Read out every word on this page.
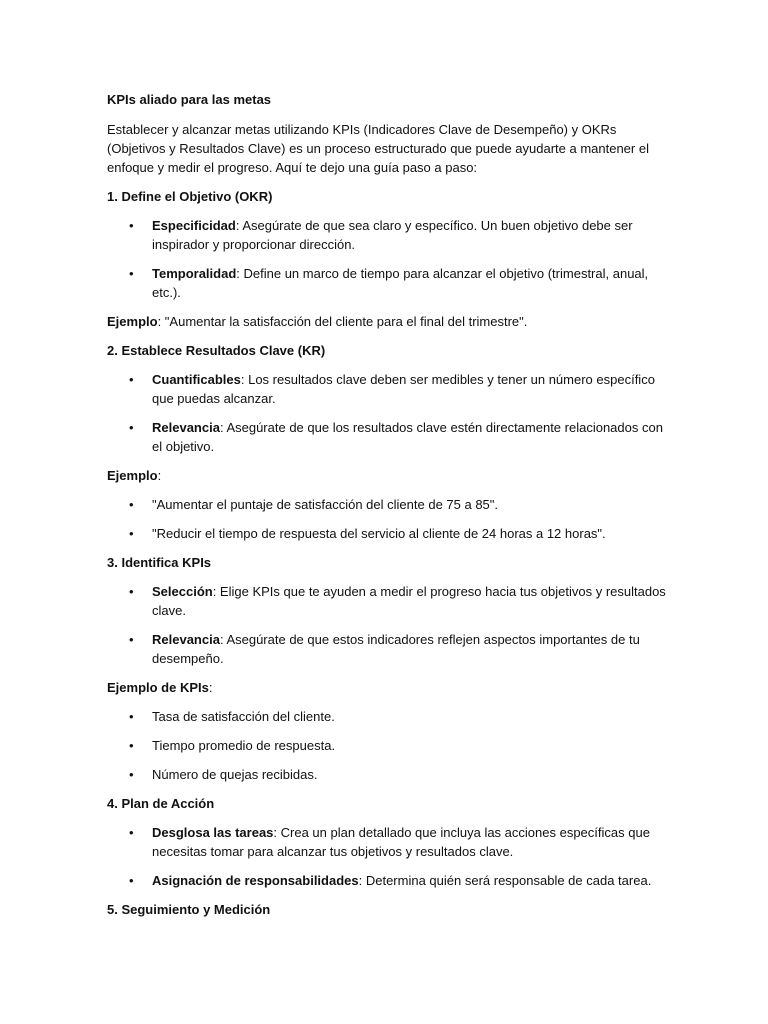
KPIs aliado para las metas

Establecer y alcanzar metas utilizando KPIs (Indicadores Clave de Desempeño) y OKRs (Objetivos y Resultados Clave) es un proceso estructurado que puede ayudarte a mantener el enfoque y medir el progreso. Aquí te dejo una guía paso a paso:

1. Define el Objetivo (OKR)

• Especificidad: Asegúrate de que sea claro y específico. Un buen objetivo debe ser inspirador y proporcionar dirección.
• Temporalidad: Define un marco de tiempo para alcanzar el objetivo (trimestral, anual, etc.).

Ejemplo: "Aumentar la satisfacción del cliente para el final del trimestre".

2. Establece Resultados Clave (KR)

• Cuantificables: Los resultados clave deben ser medibles y tener un número específico que puedas alcanzar.
• Relevancia: Asegúrate de que los resultados clave estén directamente relacionados con el objetivo.

Ejemplo:

• "Aumentar el puntaje de satisfacción del cliente de 75 a 85".
• "Reducir el tiempo de respuesta del servicio al cliente de 24 horas a 12 horas".

3. Identifica KPIs

• Selección: Elige KPIs que te ayuden a medir el progreso hacia tus objetivos y resultados clave.
• Relevancia: Asegúrate de que estos indicadores reflejen aspectos importantes de tu desempeño.

Ejemplo de KPIs:

• Tasa de satisfacción del cliente.
• Tiempo promedio de respuesta.
• Número de quejas recibidas.

4. Plan de Acción

• Desglosa las tareas: Crea un plan detallado que incluya las acciones específicas que necesitas tomar para alcanzar tus objetivos y resultados clave.
• Asignación de responsabilidades: Determina quién será responsable de cada tarea.

5. Seguimiento y Medición
